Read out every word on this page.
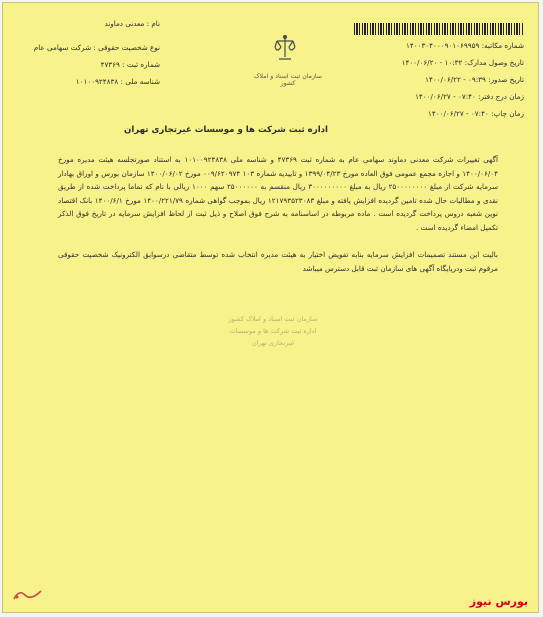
شماره مکاتبه: ۱۴۰۰۳۰۴۰۰۰۹۰۱۰۶۹۹۵۹
تاریخ وصول مدارک: ۱۰:۳۲ - ۱۴۰۰/۰۶/۲۰
تاریخ صدور: ۰۹:۳۹ - ۱۴۰۰/۰۶/۲۲
زمان درج دفتر: ۰۷:۴۰ - ۱۴۰۰/۰۶/۲۷
زمان چاپ: ۰۷:۴۰ - ۱۴۰۰/۰۶/۲۷
سازمان ثبت اسناد و املاک کشور
نام : معدنی دماوند
نوع شخصیت حقوقی : شرکت سهامی عام
شماره ثبت : ۴۷۳۶۹
شناسه ملی : ۱۰۱۰۰۹۲۴۸۳۸
اداره ثبت شرکت ها و موسسات غیرتجاری تهران

آگهی تغییرات شرکت معدنی دماوند سهامی عام به شماره ثبت ۴۷۳۶۹ و شناسه ملی ۱۰۱۰۰۹۲۴۸۳۸ به استناد صورتجلسه هیئت مدیره مورخ ۱۴۰۰/۰۶/۰۴ و اجازه مجمع عمومی فوق العاده مورخ ۱۳۹۹/۰۴/۲۳ و تاییدیه شماره ۱۰۳ ۰۰۹/۶۲۰۹۷۴ مورخ ۱۴۰۰/۰۶/۰۲ سازمان بورس و اوراق بهادار سرمایه شرکت از مبلغ ۲۵۰۰۰۰۰۰۰۰ ریال به مبلغ ۳۰۰۰۰۰۰۰۰۰ ریال منقسم به ۲۵۰۰۰۰۰۰ سهم ۱۰۰۰ ریالی با نام که تماما پرداخت شده از طریق نقدی و مطالبات حال شده تامین گردیده افزایش یافته و مبلغ ۱۲۱۷۹۳۵۲۳۰۸۳ ریال بموجب گواهی شماره ۱۴۰۰/۲۲۱/۷۹ مورخ ۱۴۰۰/۶/۱ بانک اقتصاد نوین شعبه دروس پرداخت گردیده است . ماده مربوطه در اساسنامه به شرح فوق اصلاح و ذیل ثبت از لحاظ افزایش سرمایه در تاریخ فوق الذکر تکمیل امضاء گردیده است .

بالیت این مستند تصمیمات افزایش سرمایه بنابه تفویض اختیار به هیئت مدیره انتخاب شده توسط متقاضی درسوابق الکترونیک شخصیت حقوقی مرقوم ثبت ودرپایگاه آگهی های سازمان ثبت قابل دسترس میباشد

سازمان ثبت اسناد و املاک کشور
اداره ثبت شرکت ها و موسسات غیرتجاری تهران
بورس نیوز
